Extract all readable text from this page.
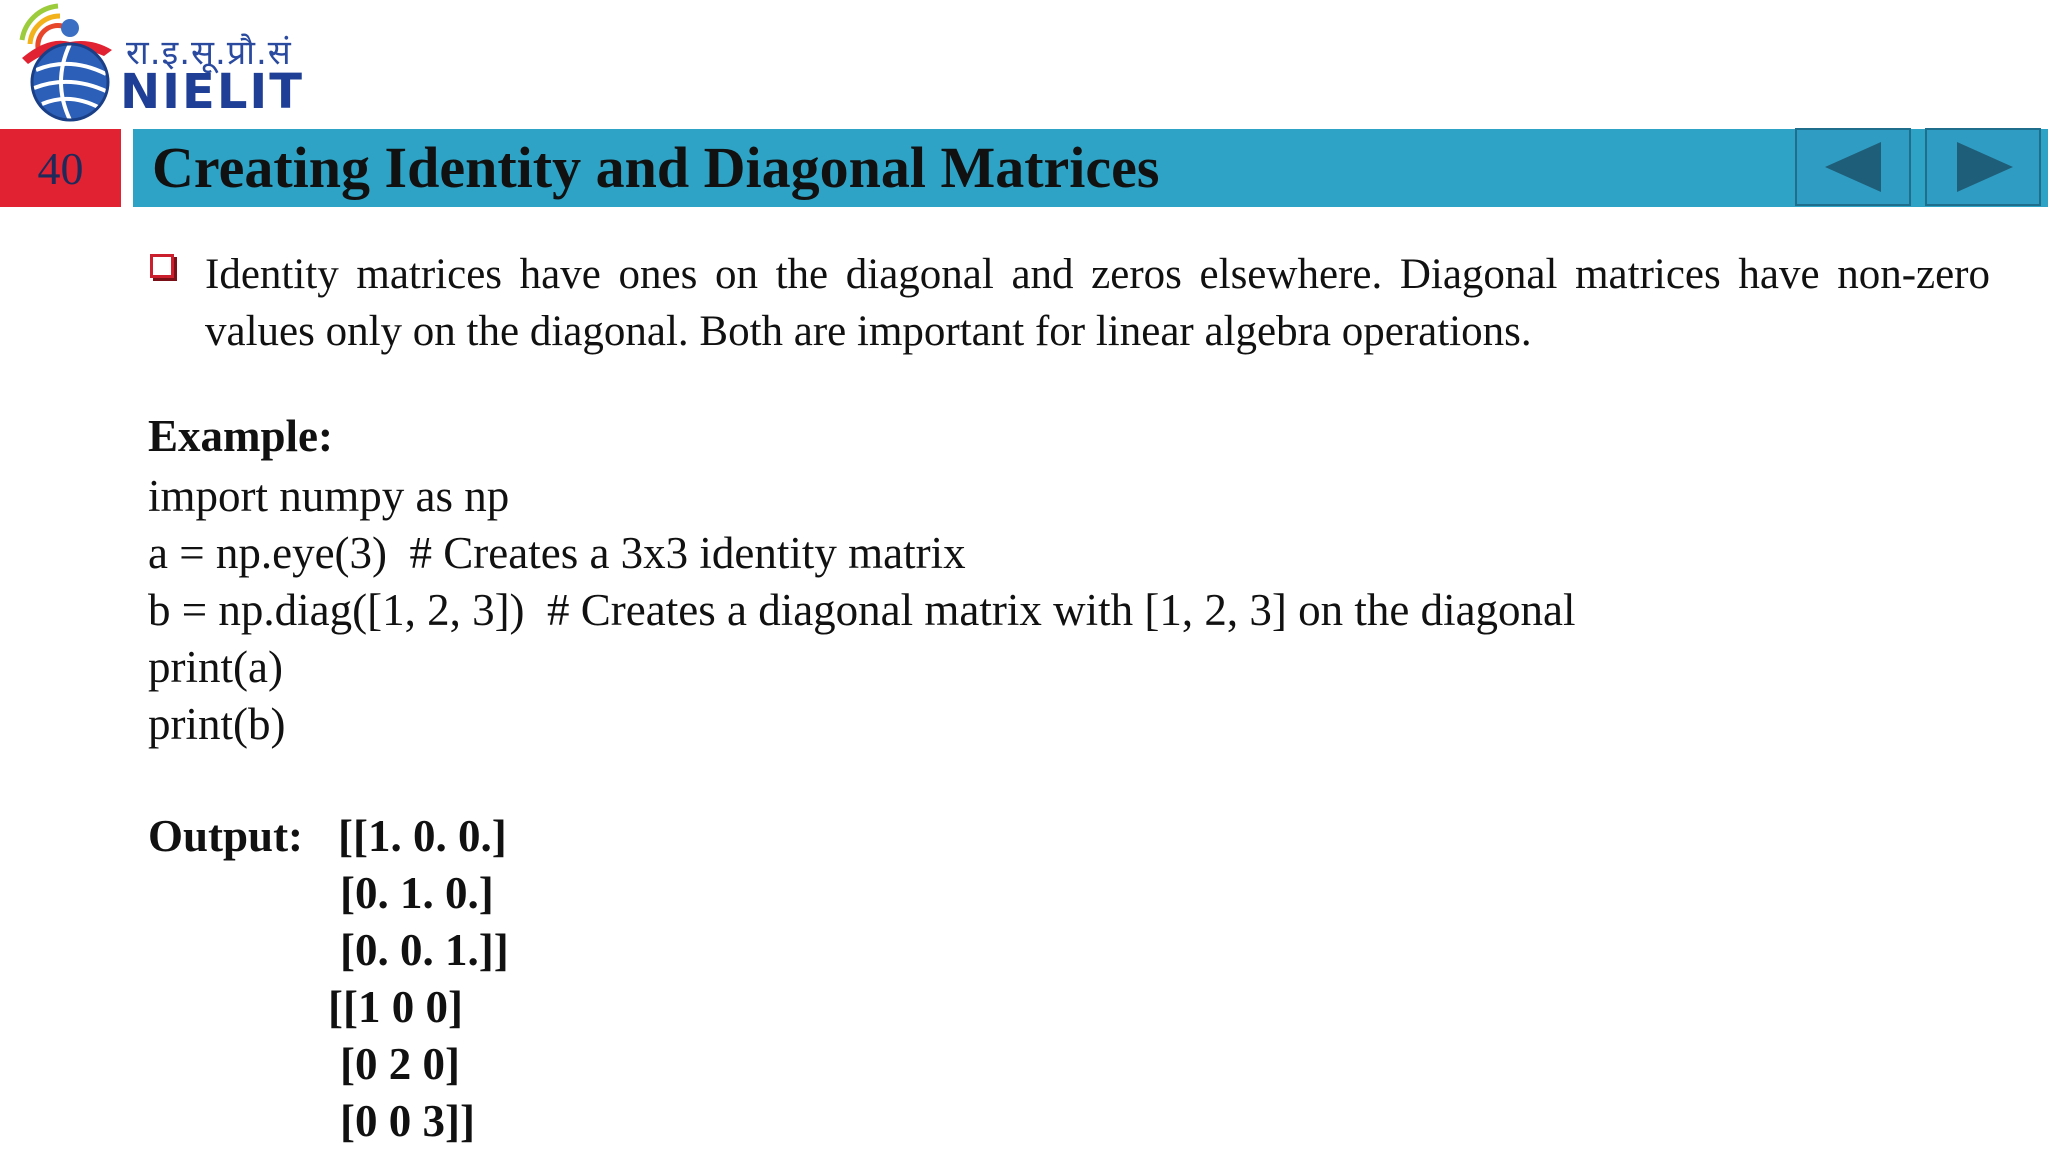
रा.इ.सू.प्रौ.सं
NIELIT
40	Creating Identity and Diagonal Matrices
Identity matrices have ones on the diagonal and zeros elsewhere. Diagonal matrices have non-zero values only on the diagonal. Both are important for linear algebra operations.
Example:
import numpy as np
a = np.eye(3)  # Creates a 3x3 identity matrix
b = np.diag([1, 2, 3])  # Creates a diagonal matrix with [1, 2, 3] on the diagonal
print(a)
print(b)
Output: [[1. 0. 0.]
[0. 1. 0.]
[0. 0. 1.]]
[[1 0 0]
[0 2 0]
[0 0 3]]
